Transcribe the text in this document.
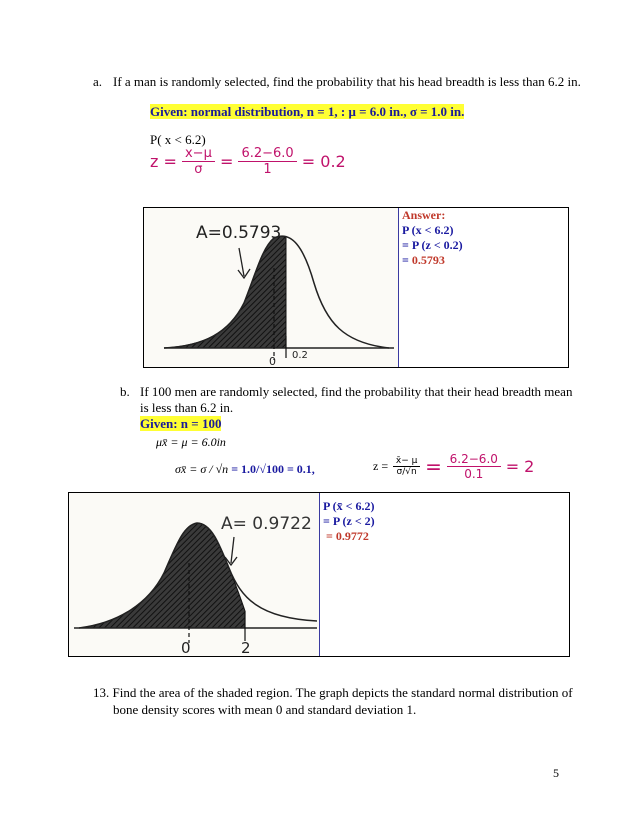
a. If a man is randomly selected, find the probability that his head breadth is less than 6.2 in.
Given: normal distribution, n = 1, : μ = 6.0 in., σ = 1.0 in.
P( x < 6.2)
$z = \frac{x-\mu}{\sigma} = \frac{6.2-6.0}{1} = 0.2$
A=0.5793
0 0.2
Answer:
P (x < 6.2)
= P (z < 0.2)
= 0.5793
b. If 100 men are randomly selected, find the probability that their head breadth mean
is less than 6.2 in.
Given: n = 100
μx̄ = μ = 6.0in
σx̄ = σ / √n = 1.0/√100 = 0.1,	$z = \frac{x̄- \mu}{\sigma/√n} = \frac{6.2-6.0}{0.1} = 2$
A= 0.9722
0	2
P (x̄ < 6.2)
= P (z < 2)
= 0.9772
13. Find the area of the shaded region. The graph depicts the standard normal distribution of
bone density scores with mean 0 and standard deviation 1.
5
